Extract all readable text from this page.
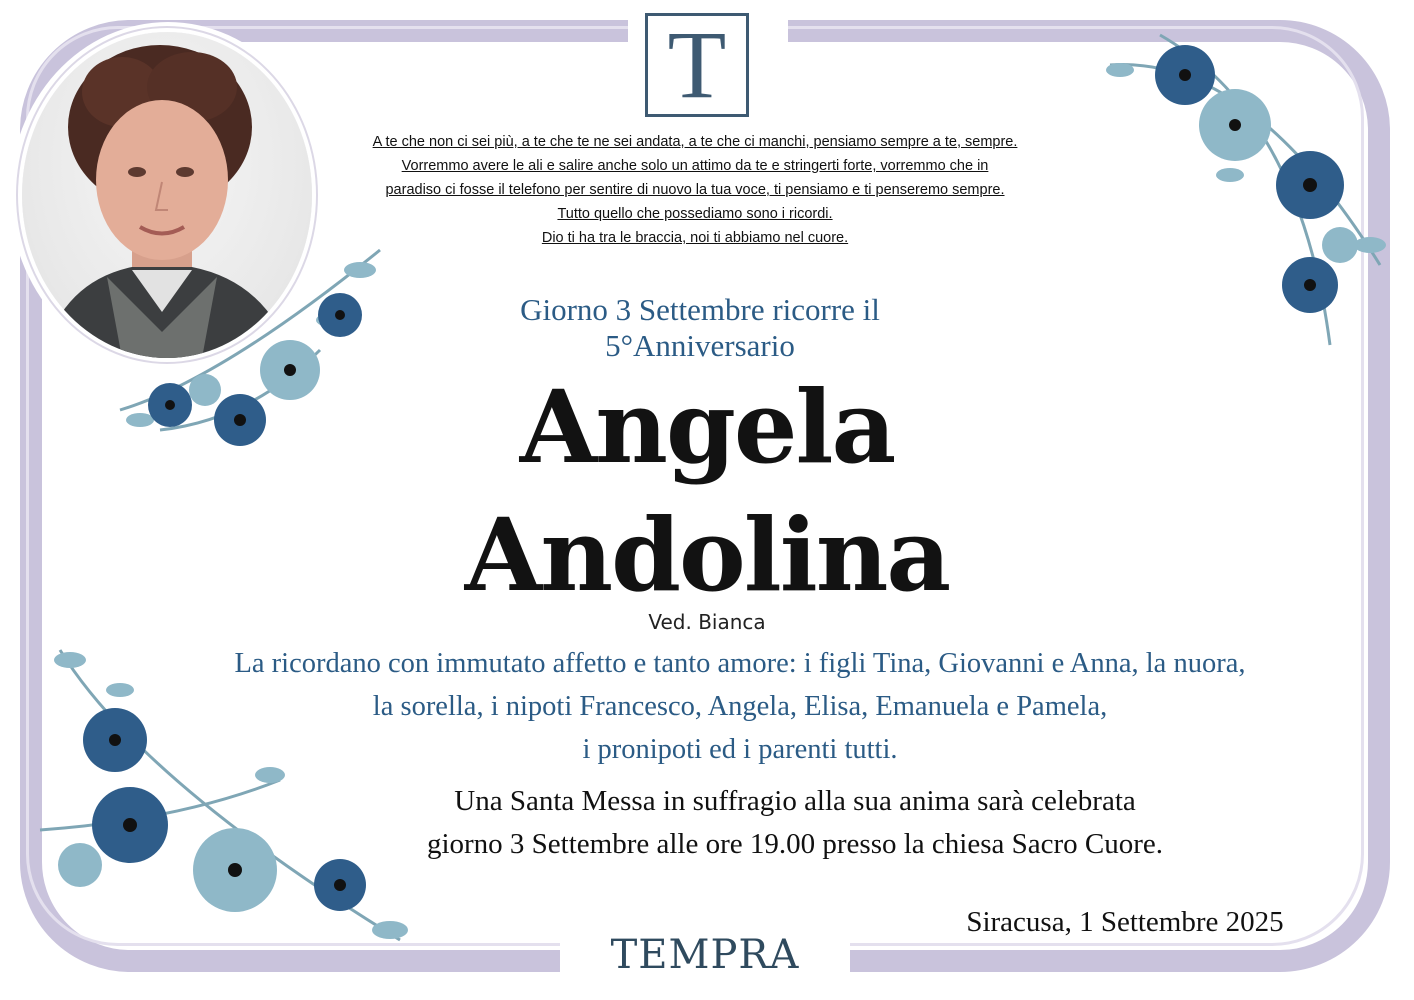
T
A te che non ci sei più, a te che te ne sei andata, a te che ci manchi, pensiamo sempre a te, sempre.
Vorremmo avere le ali e salire anche solo un attimo da te e stringerti forte, vorremmo che in
paradiso ci fosse il telefono per sentire di nuovo la tua voce, ti pensiamo e ti penseremo sempre.
Tutto quello che possediamo sono i ricordi.
Dio ti ha tra le braccia, noi ti abbiamo nel cuore.
Giorno 3 Settembre ricorre il
5°Anniversario
Angela
Andolina
Ved. Bianca
La ricordano con immutato affetto e tanto amore: i figli Tina, Giovanni e Anna, la nuora,
la sorella, i nipoti Francesco, Angela, Elisa, Emanuela e Pamela,
i pronipoti ed i parenti tutti.
Una Santa Messa in suffragio alla sua anima sarà celebrata
giorno 3 Settembre alle ore 19.00 presso la chiesa Sacro Cuore.
Siracusa, 1 Settembre 2025
TEMPRA
